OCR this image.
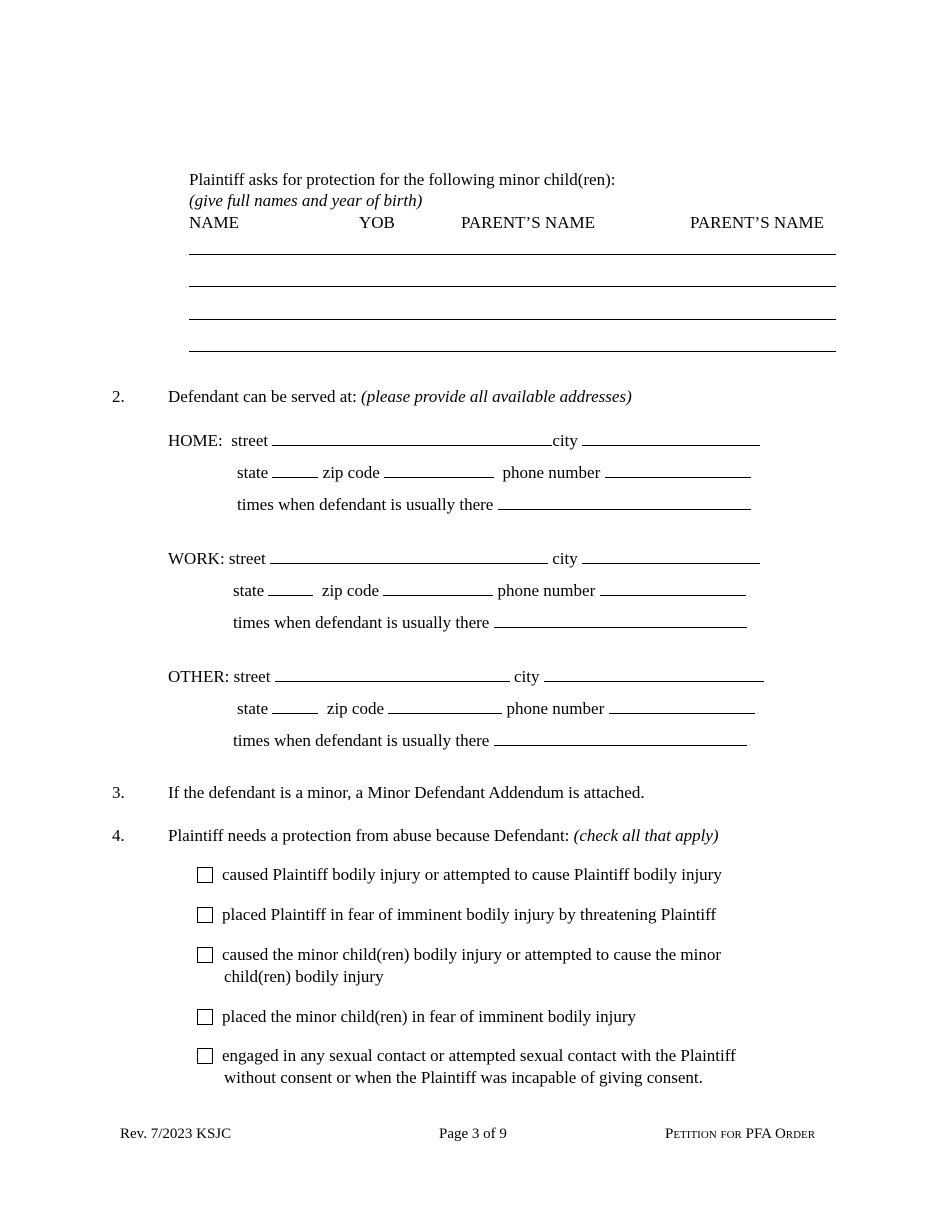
Plaintiff asks for protection for the following minor child(ren):
(give full names and year of birth)
NAME	YOB	PARENT’S NAME	PARENT’S NAME
2.	Defendant can be served at: (please provide all available addresses)
HOME: street	city
state	zip code	phone number
times when defendant is usually there
WORK: street	city
state	zip code	phone number
times when defendant is usually there
OTHER: street	city
state	zip code	phone number
times when defendant is usually there
3.	If the defendant is a minor, a Minor Defendant Addendum is attached.
4.	Plaintiff needs a protection from abuse because Defendant: (check all that apply)
caused Plaintiff bodily injury or attempted to cause Plaintiff bodily injury
placed Plaintiff in fear of imminent bodily injury by threatening Plaintiff
caused the minor child(ren) bodily injury or attempted to cause the minor
child(ren) bodily injury
placed the minor child(ren) in fear of imminent bodily injury
engaged in any sexual contact or attempted sexual contact with the Plaintiff
without consent or when the Plaintiff was incapable of giving consent.
Rev. 7/2023 KSJC	Page 3 of 9	Petition for PFA Order
